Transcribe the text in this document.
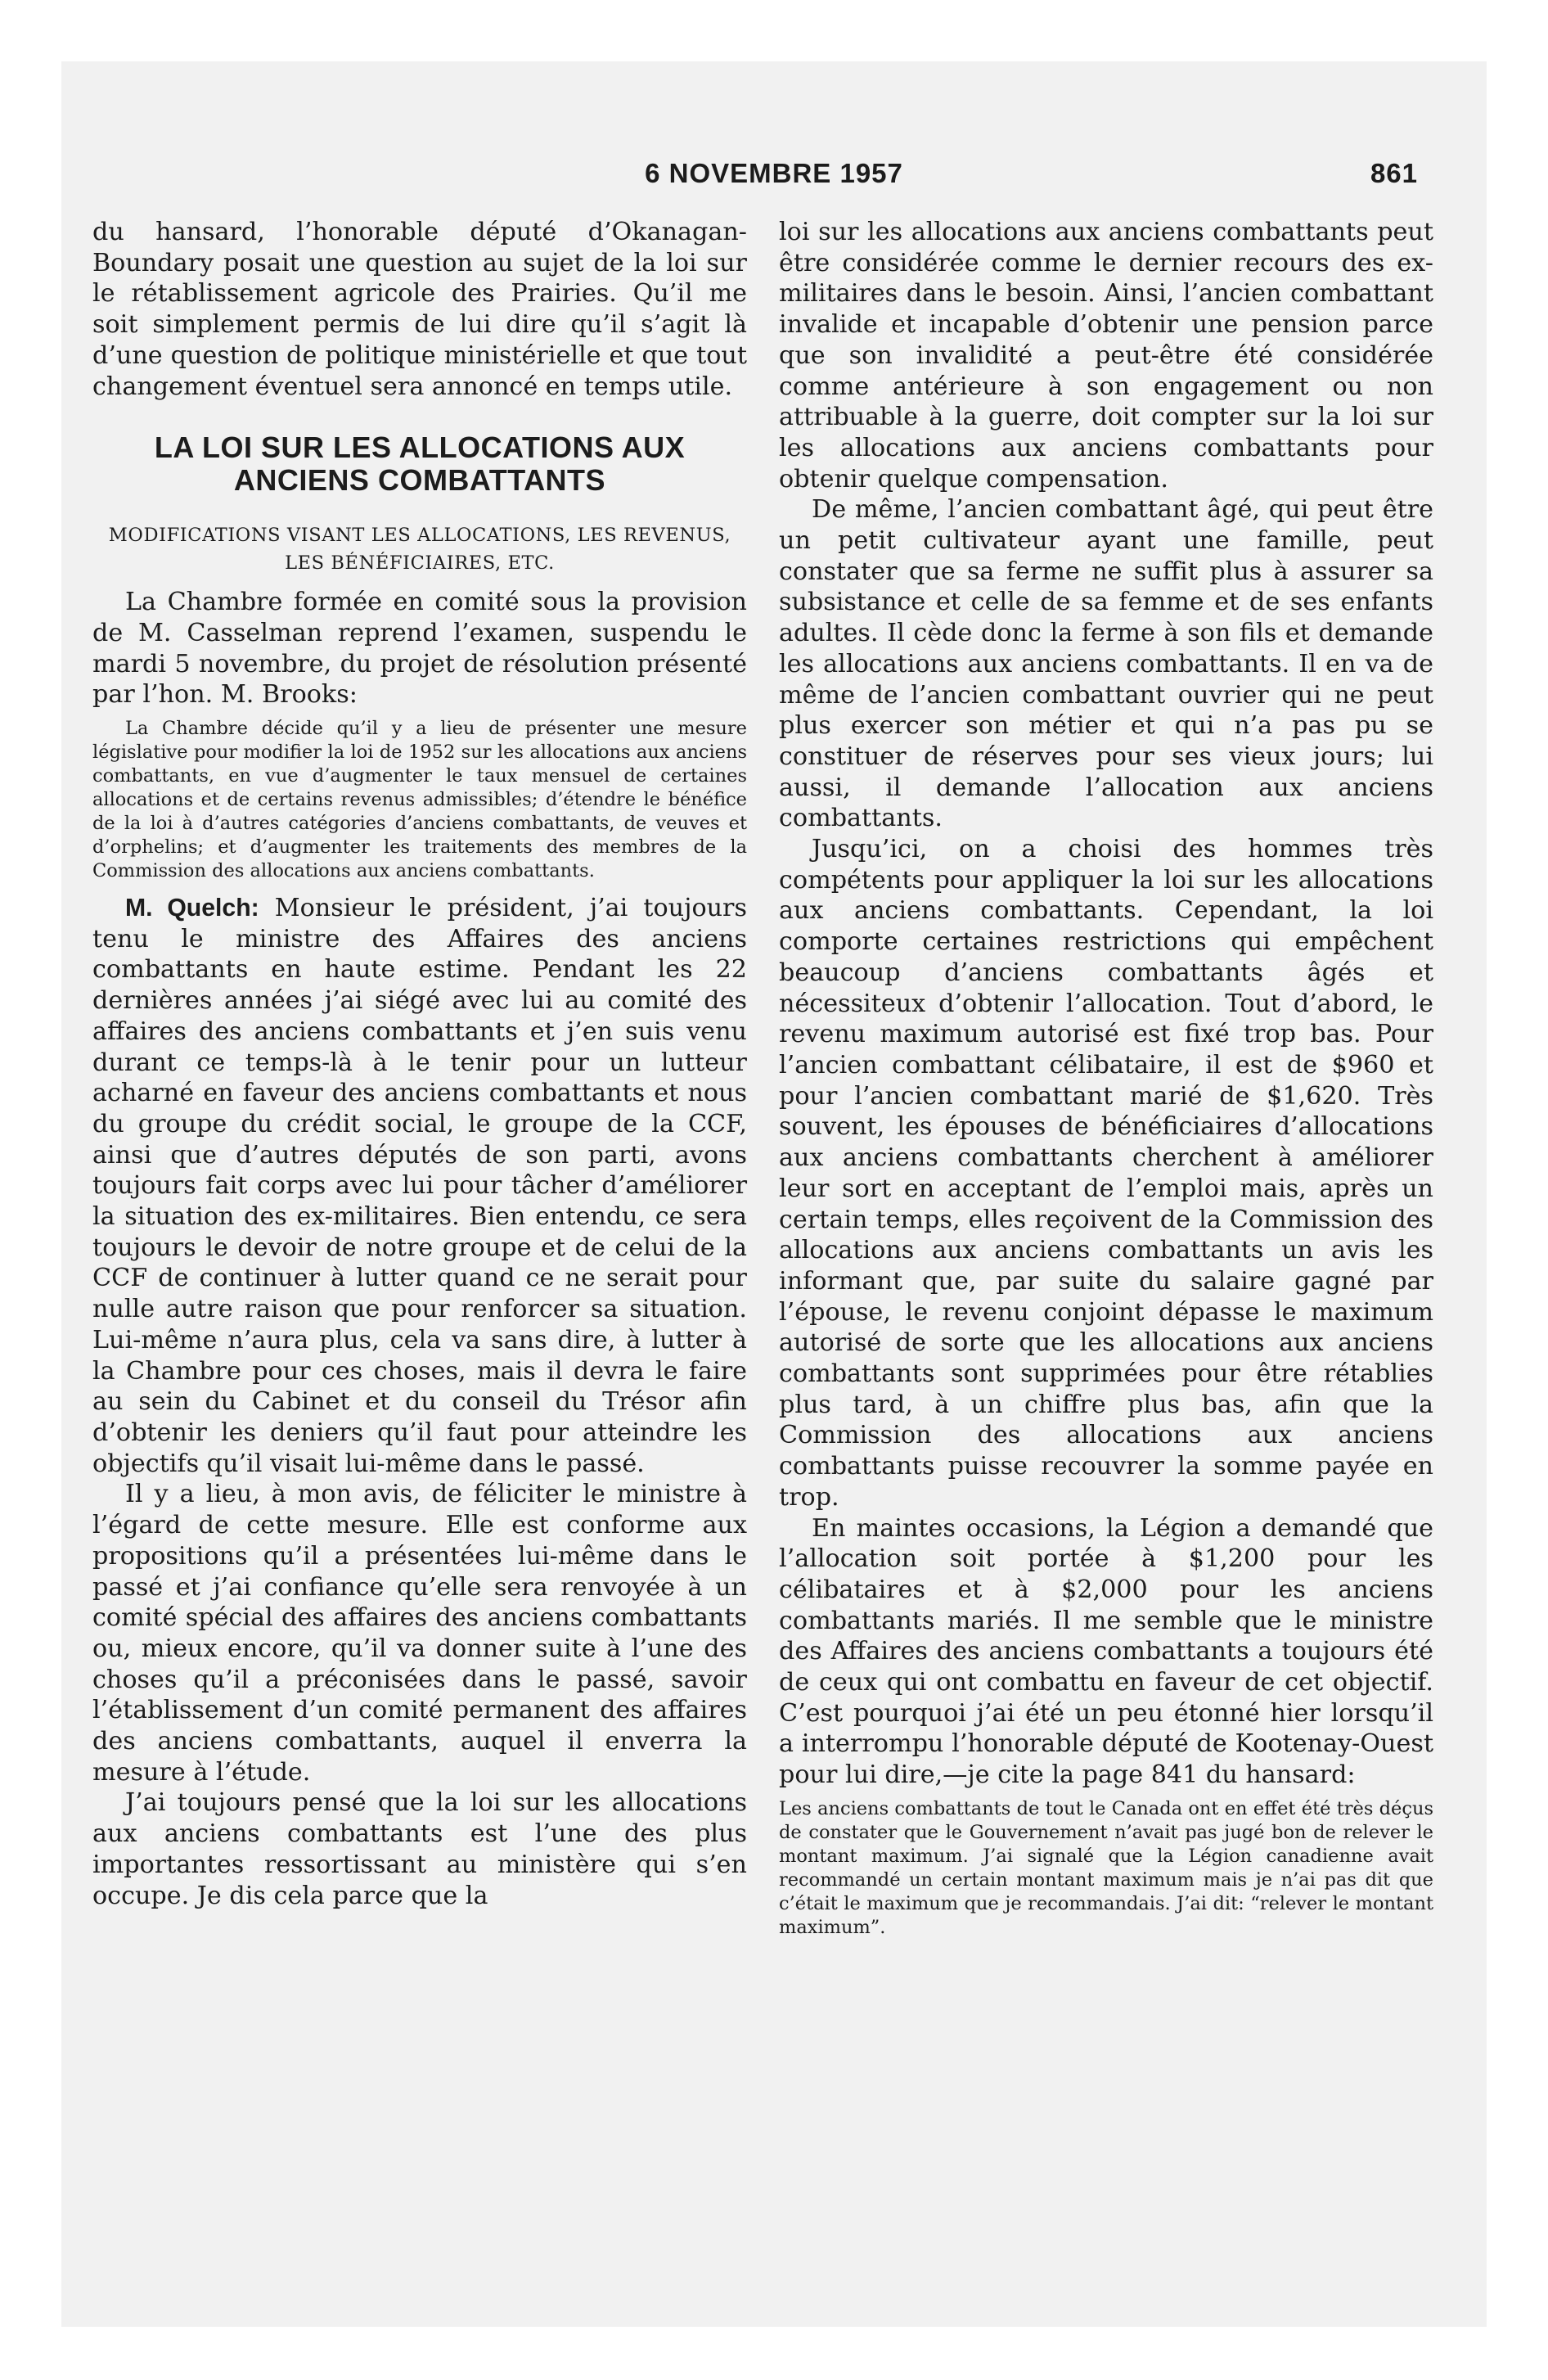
6 NOVEMBRE 1957	861

du hansard, l’honorable député d’Okanagan-Boundary posait une question au sujet de la loi sur le rétablissement agricole des Prairies. Qu’il me soit simplement permis de lui dire qu’il s’agit là d’une question de politique ministérielle et que tout changement éventuel sera annoncé en temps utile.

LA LOI SUR LES ALLOCATIONS AUX ANCIENS COMBATTANTS
MODIFICATIONS VISANT LES ALLOCATIONS, LES REVENUS, LES BÉNÉFICIAIRES, ETC.

La Chambre formée en comité sous la provision de M. Casselman reprend l’examen, suspendu le mardi 5 novembre, du projet de résolution présenté par l’hon. M. Brooks:

La Chambre décide qu’il y a lieu de présenter une mesure législative pour modifier la loi de 1952 sur les allocations aux anciens combattants, en vue d’augmenter le taux mensuel de certaines allocations et de certains revenus admissibles; d’étendre le bénéfice de la loi à d’autres catégories d’anciens combattants, de veuves et d’orphelins; et d’augmenter les traitements des membres de la Commission des allocations aux anciens combattants.

M. Quelch: Monsieur le président, j’ai toujours tenu le ministre des Affaires des anciens combattants en haute estime. Pendant les 22 dernières années j’ai siégé avec lui au comité des affaires des anciens combattants et j’en suis venu durant ce temps-là à le tenir pour un lutteur acharné en faveur des anciens combattants et nous du groupe du crédit social, le groupe de la CCF, ainsi que d’autres députés de son parti, avons toujours fait corps avec lui pour tâcher d’améliorer la situation des ex-militaires. Bien entendu, ce sera toujours le devoir de notre groupe et de celui de la CCF de continuer à lutter quand ce ne serait pour nulle autre raison que pour renforcer sa situation. Lui-même n’aura plus, cela va sans dire, à lutter à la Chambre pour ces choses, mais il devra le faire au sein du Cabinet et du conseil du Trésor afin d’obtenir les deniers qu’il faut pour atteindre les objectifs qu’il visait lui-même dans le passé.

Il y a lieu, à mon avis, de féliciter le ministre à l’égard de cette mesure. Elle est conforme aux propositions qu’il a présentées lui-même dans le passé et j’ai confiance qu’elle sera renvoyée à un comité spécial des affaires des anciens combattants ou, mieux encore, qu’il va donner suite à l’une des choses qu’il a préconisées dans le passé, savoir l’établissement d’un comité permanent des affaires des anciens combattants, auquel il enverra la mesure à l’étude.

J’ai toujours pensé que la loi sur les allocations aux anciens combattants est l’une des plus importantes ressortissant au ministère qui s’en occupe. Je dis cela parce que la

loi sur les allocations aux anciens combattants peut être considérée comme le dernier recours des ex-militaires dans le besoin. Ainsi, l’ancien combattant invalide et incapable d’obtenir une pension parce que son invalidité a peut-être été considérée comme antérieure à son engagement ou non attribuable à la guerre, doit compter sur la loi sur les allocations aux anciens combattants pour obtenir quelque compensation.

De même, l’ancien combattant âgé, qui peut être un petit cultivateur ayant une famille, peut constater que sa ferme ne suffit plus à assurer sa subsistance et celle de sa femme et de ses enfants adultes. Il cède donc la ferme à son fils et demande les allocations aux anciens combattants. Il en va de même de l’ancien combattant ouvrier qui ne peut plus exercer son métier et qui n’a pas pu se constituer de réserves pour ses vieux jours; lui aussi, il demande l’allocation aux anciens combattants.

Jusqu’ici, on a choisi des hommes très compétents pour appliquer la loi sur les allocations aux anciens combattants. Cependant, la loi comporte certaines restrictions qui empêchent beaucoup d’anciens combattants âgés et nécessiteux d’obtenir l’allocation. Tout d’abord, le revenu maximum autorisé est fixé trop bas. Pour l’ancien combattant célibataire, il est de $960 et pour l’ancien combattant marié de $1,620. Très souvent, les épouses de bénéficiaires d’allocations aux anciens combattants cherchent à améliorer leur sort en acceptant de l’emploi mais, après un certain temps, elles reçoivent de la Commission des allocations aux anciens combattants un avis les informant que, par suite du salaire gagné par l’épouse, le revenu conjoint dépasse le maximum autorisé de sorte que les allocations aux anciens combattants sont supprimées pour être rétablies plus tard, à un chiffre plus bas, afin que la Commission des allocations aux anciens combattants puisse recouvrer la somme payée en trop.

En maintes occasions, la Légion a demandé que l’allocation soit portée à $1,200 pour les célibataires et à $2,000 pour les anciens combattants mariés. Il me semble que le ministre des Affaires des anciens combattants a toujours été de ceux qui ont combattu en faveur de cet objectif. C’est pourquoi j’ai été un peu étonné hier lorsqu’il a interrompu l’honorable député de Kootenay-Ouest pour lui dire,—je cite la page 841 du hansard:

Les anciens combattants de tout le Canada ont en effet été très déçus de constater que le Gouvernement n’avait pas jugé bon de relever le montant maximum. J’ai signalé que la Légion canadienne avait recommandé un certain montant maximum mais je n’ai pas dit que c’était le maximum que je recommandais. J’ai dit: “relever le montant maximum”.
